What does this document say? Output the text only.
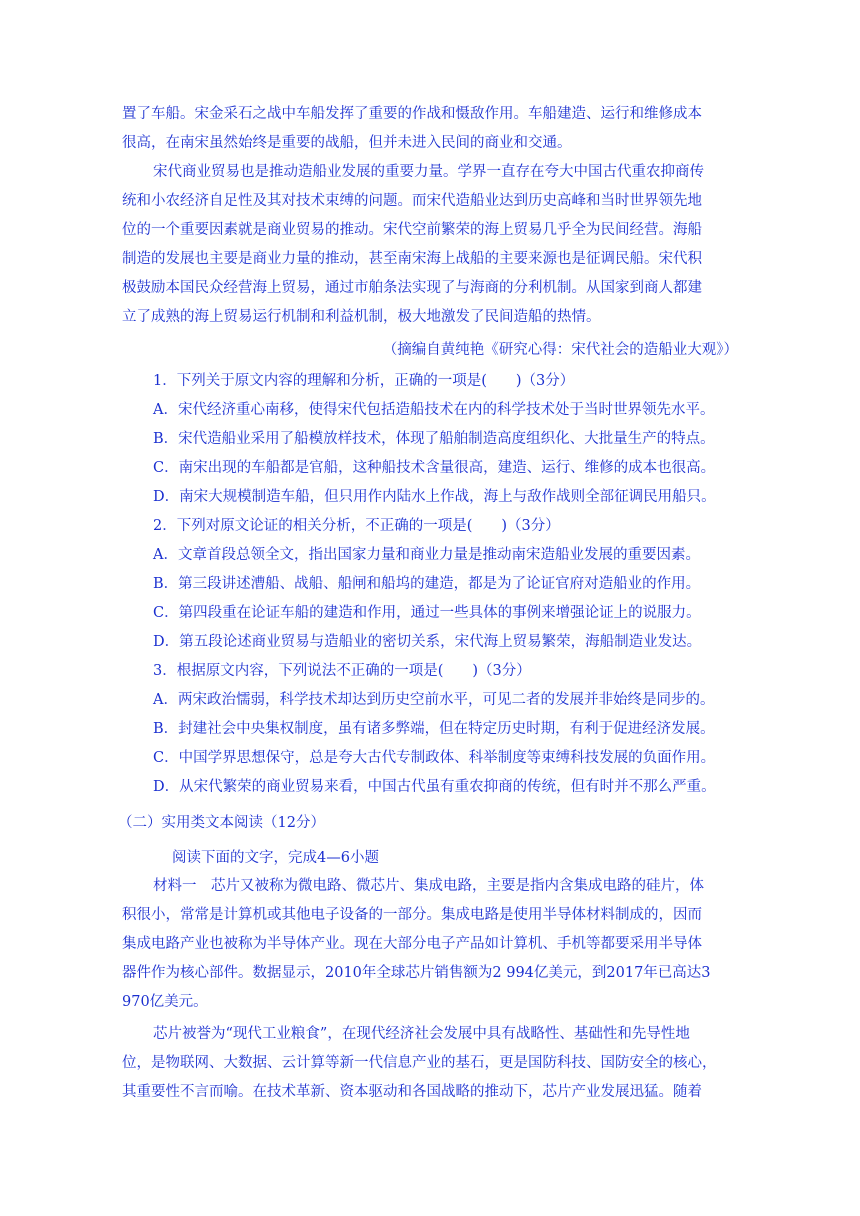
置了车船。宋金采石之战中车船发挥了重要的作战和慑敌作用。车船建造、运行和维修成本
很高，在南宋虽然始终是重要的战船，但并未进入民间的商业和交通。
宋代商业贸易也是推动造船业发展的重要力量。学界一直存在夸大中国古代重农抑商传
统和小农经济自足性及其对技术束缚的问题。而宋代造船业达到历史高峰和当时世界领先地
位的一个重要因素就是商业贸易的推动。宋代空前繁荣的海上贸易几乎全为民间经营。海船
制造的发展也主要是商业力量的推动，甚至南宋海上战船的主要来源也是征调民船。宋代积
极鼓励本国民众经营海上贸易，通过市舶条法实现了与海商的分利机制。从国家到商人都建
立了成熟的海上贸易运行机制和利益机制，极大地激发了民间造船的热情。
（摘编自黄纯艳《研究心得：宋代社会的造船业大观》）
1．下列关于原文内容的理解和分析，正确的一项是(　　)（3分）
A．宋代经济重心南移，使得宋代包括造船技术在内的科学技术处于当时世界领先水平。
B．宋代造船业采用了船模放样技术，体现了船舶制造高度组织化、大批量生产的特点。
C．南宋出现的车船都是官船，这种船技术含量很高，建造、运行、维修的成本也很高。
D．南宋大规模制造车船，但只用作内陆水上作战，海上与敌作战则全部征调民用船只。
2．下列对原文论证的相关分析，不正确的一项是(　　)（3分）
A．文章首段总领全文，指出国家力量和商业力量是推动南宋造船业发展的重要因素。
B．第三段讲述漕船、战船、船闸和船坞的建造，都是为了论证官府对造船业的作用。
C．第四段重在论证车船的建造和作用，通过一些具体的事例来增强论证上的说服力。
D．第五段论述商业贸易与造船业的密切关系，宋代海上贸易繁荣，海船制造业发达。
3．根据原文内容，下列说法不正确的一项是(　　)（3分）
A．两宋政治懦弱，科学技术却达到历史空前水平，可见二者的发展并非始终是同步的。
B．封建社会中央集权制度，虽有诸多弊端，但在特定历史时期，有利于促进经济发展。
C．中国学界思想保守，总是夸大古代专制政体、科举制度等束缚科技发展的负面作用。
D．从宋代繁荣的商业贸易来看，中国古代虽有重农抑商的传统，但有时并不那么严重。
（二）实用类文本阅读（12分）
阅读下面的文字，完成4—6小题
材料一　芯片又被称为微电路、微芯片、集成电路，主要是指内含集成电路的硅片，体
积很小，常常是计算机或其他电子设备的一部分。集成电路是使用半导体材料制成的，因而
集成电路产业也被称为半导体产业。现在大部分电子产品如计算机、手机等都要采用半导体
器件作为核心部件。数据显示，2010年全球芯片销售额为2 994亿美元，到2017年已高达3
970亿美元。
芯片被誉为“现代工业粮食”，在现代经济社会发展中具有战略性、基础性和先导性地
位，是物联网、大数据、云计算等新一代信息产业的基石，更是国防科技、国防安全的核心，
其重要性不言而喻。在技术革新、资本驱动和各国战略的推动下，芯片产业发展迅猛。随着
